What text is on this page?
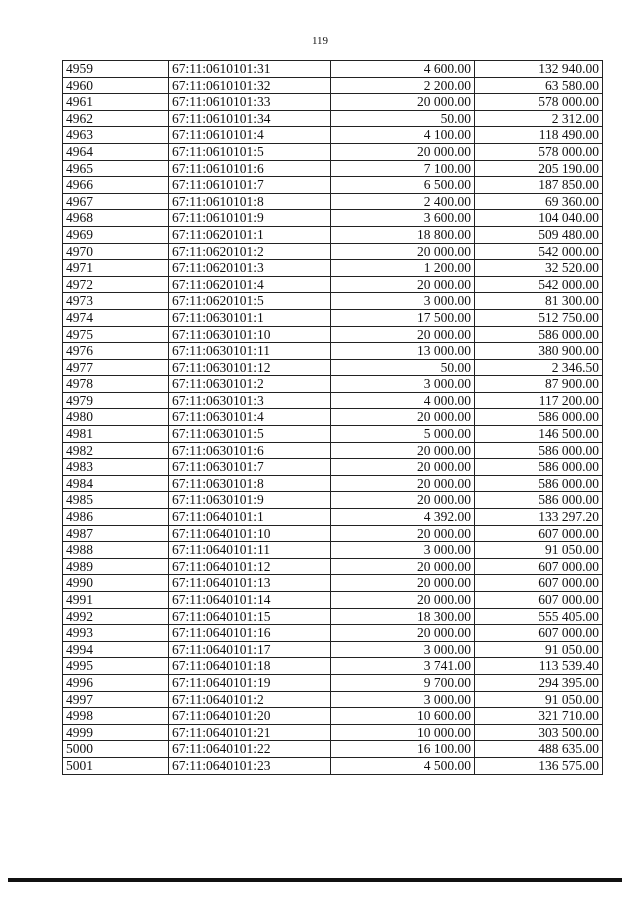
119
4959	67:11:0610101:31	4 600.00	132 940.00
4960	67:11:0610101:32	2 200.00	63 580.00
4961	67:11:0610101:33	20 000.00	578 000.00
4962	67:11:0610101:34	50.00	2 312.00
4963	67:11:0610101:4	4 100.00	118 490.00
4964	67:11:0610101:5	20 000.00	578 000.00
4965	67:11:0610101:6	7 100.00	205 190.00
4966	67:11:0610101:7	6 500.00	187 850.00
4967	67:11:0610101:8	2 400.00	69 360.00
4968	67:11:0610101:9	3 600.00	104 040.00
4969	67:11:0620101:1	18 800.00	509 480.00
4970	67:11:0620101:2	20 000.00	542 000.00
4971	67:11:0620101:3	1 200.00	32 520.00
4972	67:11:0620101:4	20 000.00	542 000.00
4973	67:11:0620101:5	3 000.00	81 300.00
4974	67:11:0630101:1	17 500.00	512 750.00
4975	67:11:0630101:10	20 000.00	586 000.00
4976	67:11:0630101:11	13 000.00	380 900.00
4977	67:11:0630101:12	50.00	2 346.50
4978	67:11:0630101:2	3 000.00	87 900.00
4979	67:11:0630101:3	4 000.00	117 200.00
4980	67:11:0630101:4	20 000.00	586 000.00
4981	67:11:0630101:5	5 000.00	146 500.00
4982	67:11:0630101:6	20 000.00	586 000.00
4983	67:11:0630101:7	20 000.00	586 000.00
4984	67:11:0630101:8	20 000.00	586 000.00
4985	67:11:0630101:9	20 000.00	586 000.00
4986	67:11:0640101:1	4 392.00	133 297.20
4987	67:11:0640101:10	20 000.00	607 000.00
4988	67:11:0640101:11	3 000.00	91 050.00
4989	67:11:0640101:12	20 000.00	607 000.00
4990	67:11:0640101:13	20 000.00	607 000.00
4991	67:11:0640101:14	20 000.00	607 000.00
4992	67:11:0640101:15	18 300.00	555 405.00
4993	67:11:0640101:16	20 000.00	607 000.00
4994	67:11:0640101:17	3 000.00	91 050.00
4995	67:11:0640101:18	3 741.00	113 539.40
4996	67:11:0640101:19	9 700.00	294 395.00
4997	67:11:0640101:2	3 000.00	91 050.00
4998	67:11:0640101:20	10 600.00	321 710.00
4999	67:11:0640101:21	10 000.00	303 500.00
5000	67:11:0640101:22	16 100.00	488 635.00
5001	67:11:0640101:23	4 500.00	136 575.00
